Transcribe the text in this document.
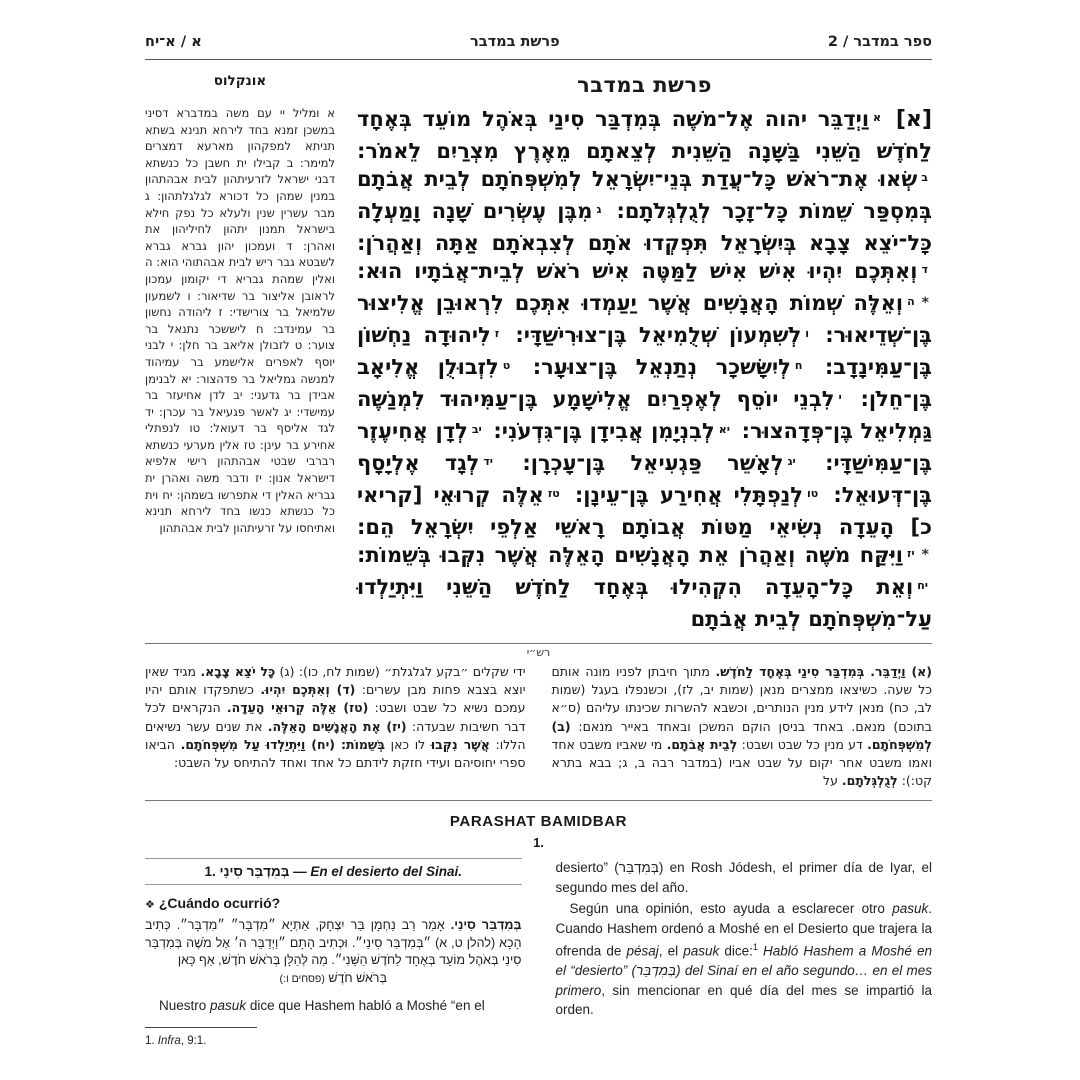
א / א־יח	פרשת במדבר	ספר במדבר / 2
אונקלוס	פרשת במדבר
א ומליל יי עם משה במדברא דסיני במשכן זמנא בחד לירחא תנינא בשתא תניתא למפקהון מארעא דמצרים למימר: ב קבילו ית חשבן כל כנשתא דבני ישראל לזרעיתהון לבית אבהתהון במנין שמהן כל דכורא לגלגלתהון: ג מבר עשרין שנין ולעלא כל נפק חילא בישראל תמנון יתהון לחיליהון את ואהרן: ד ועמכון יהון גברא גברא לשבטא גבר ריש לבית אבהתוהי הוא: ה ואלין שמהת גבריא די יקומון עמכון לראובן אליצור בר שדיאור: ו לשמעון שלמיאל בר צורישדי: ז ליהודה נחשון בר עמינדב: ח ליששכר נתנאל בר צוער: ט לזבולן אליאב בר חלן: י לבני יוסף לאפרים אלישמע בר עמיהוד למנשה גמליאל בר פדהצור: יא לבנימן אבידן בר גדעני: יב לדן אחיעזר בר עמישדי: יג לאשר פגעיאל בר עכרן: יד לגד אליסף בר דעואל: טו לנפתלי אחירע בר עינן: טז אלין מערעי כנשתא רברבי שבטי אבהתהון רישי אלפיא דישראל אנון: יז ודבר משה ואהרן ית גבריא האלין די אתפרשו בשמהן: יח וית כל כנשתא כנשו בחד לירחא תנינא ואתיחסו על זרעיתהון לבית אבהתהון
[א] $^א$וַיְדַבֵּר יהוה אֶל־מֹשֶׁה בְּמִדְבַּר סִינַי בְּאֹהֶל מוֹעֵד בְּאֶחָד לַחֹדֶשׁ הַשֵּׁנִי בַּשָּׁנָה הַשֵּׁנִית לְצֵאתָם מֵאֶרֶץ מִצְרַיִם לֵאמֹר: $^ב$שְׂאוּ אֶת־רֹאשׁ כָּל־עֲדַת בְּנֵי־יִשְׂרָאֵל לְמִשְׁפְּחֹתָם לְבֵית אֲבֹתָם בְּמִסְפַּר שֵׁמוֹת כָּל־זָכָר לְגֻלְגְּלֹתָם: $^ג$מִבֶּן עֶשְׂרִים שָׁנָה וָמַעְלָה כָּל־יֹצֵא צָבָא בְּיִשְׂרָאֵל תִּפְקְדוּ אֹתָם לְצִבְאֹתָם אַתָּה וְאַהֲרֹן: $^ד$וְאִתְּכֶם יִהְיוּ אִישׁ אִישׁ לַמַּטֶּה אִישׁ רֹאשׁ לְבֵית־אֲבֹתָיו הוּא: *$^ה$וְאֵלֶּה שְׁמוֹת הָאֲנָשִׁים אֲשֶׁר יַעַמְדוּ אִתְּכֶם לִרְאוּבֵן אֱלִיצוּר בֶּן־שְׁדֵיאוּר: $^ו$לְשִׁמְעוֹן שְׁלֻמִיאֵל בֶּן־צוּרִישַׁדָּי: $^ז$לִיהוּדָה נַחְשׁוֹן בֶּן־עַמִּינָדָב: $^ח$לְיִשָּׂשכָר נְתַנְאֵל בֶּן־צוּעָר: $^ט$לִזְבוּלֻן אֱלִיאָב בֶּן־חֵלֹן: $^י$לִבְנֵי יוֹסֵף לְאֶפְרַיִם אֱלִישָׁמָע בֶּן־עַמִּיהוּד לִמְנַשֶּׁה גַּמְלִיאֵל בֶּן־פְּדָהצוּר: $^{יא}$לְבִנְיָמִן אֲבִידָן בֶּן־גִּדְעֹנִי: $^{יב}$לְדָן אֲחִיעֶזֶר בֶּן־עַמִּישַׁדָּי: $^{יג}$לְאָשֵׁר פַּגְעִיאֵל בֶּן־עָכְרָן: $^{יד}$לְגָד אֶלְיָסָף בֶּן־דְּעוּאֵל: $^{טו}$לְנַפְתָּלִי אֲחִירַע בֶּן־עֵינָן: $^{טז}$אֵלֶּה קְרוּאֵי [קריאי כ] הָעֵדָה נְשִׂיאֵי מַטּוֹת אֲבוֹתָם רָאשֵׁי אַלְפֵי יִשְׂרָאֵל הֵם: *$^{יז}$וַיִּקַּח מֹשֶׁה וְאַהֲרֹן אֵת הָאֲנָשִׁים הָאֵלֶּה אֲשֶׁר נִקְּבוּ בְּשֵׁמוֹת: $^{יח}$וְאֵת כָּל־הָעֵדָה הִקְהִילוּ בְּאֶחָד לַחֹדֶשׁ הַשֵּׁנִי וַיִּתְיַלְדוּ עַל־מִשְׁפְּחֹתָם לְבֵית אֲבֹתָם
רש״י
(א) וַיְדַבֵּר. בְּמִדְבַּר סִינַי בְּאֶחָד לַחֹדֶשׁ. מתוך חיבתן לפניו מונה אותם כל שעה. כשיצאו ממצרים מנאן (שמות יב, לז), וכשנפלו בעגל (שמות לב, כח) מנאן לידע מנין הנותרים, וכשבא להשרות שכינתו עליהם (ס״א בתוכם) מנאם. באחד בניסן הוקם המשכן ובאחד באייר מנאם: (ב) לְמִשְׁפְּחֹתָם. דע מנין כל שבט ושבט: לְבֵית אֲבֹתָם. מי שאביו משבט אחד ואמו משבט אחר יקום על שבט אביו (במדבר רבה ב, ג; בבא בתרא קט:): לְגֻלְגְּלֹתָם. על
ידי שקלים ״בקע לגלגלת״ (שמות לח, כו): (ג) כָּל יֹצֵא צָבָא. מגיד שאין יוצא בצבא פחות מבן עשרים: (ד) וְאִתְּכֶם יִהְיוּ. כשתפקדו אותם יהיו עמכם נשיא כל שבט ושבט: (טז) אֵלֶּה קְרוּאֵי הָעֵדָה. הנקראים לכל דבר חשיבות שבעדה: (יז) אֶת הָאֲנָשִׁים הָאֵלֶּה. את שנים עשר נשיאים הללו: אֲשֶׁר נִקְּבוּ לו כאן בְּשֵׁמוֹת: (יח) וַיִּתְיַלְדוּ עַל מִשְׁפְּחֹתָם. הביאו ספרי יחוסיהם ועידי חזקת לידתם כל אחד ואחד להתיחס על השבט:
PARASHAT BAMIDBAR
1.
1. בְּמִדְבַּר סִינַי — En el desierto del Sinai.
❖ ¿Cuándo ocurrió?
בְּמִדְבַּר סִינַי. אָמַר רַב נַחְמָן בַּר יִצְחָק, אַתְיָא ״מִדְבָּר״ ״מִדְבָּר״. כְּתִיב הָכָא (להלן ט, א) ״בְּמִדְבַּר סִינַי״. וּכְתִיב הָתָם ״וַיְדַבֵּר ה׳ אֶל מֹשֶׁה בְּמִדְבַּר סִינַי בְּאֹהֶל מוֹעֵד בְּאֶחָד לַחֹדֶשׁ הַשֵּׁנִי״. מַה לְּהַלָּן בְּרֹאשׁ חֹדֶשׁ, אַף כָּאן
בְּרֹאשׁ חֹדֶשׁ (פסחים ו:)

Nuestro pasuk dice que Hashem habló a Moshé “en el

1. Infra, 9:1.

desierto” (בְּמִדְבַּר) en Rosh Jódesh, el primer día de Iyar, el segundo mes del año.

Según una opinión, esto ayuda a esclarecer otro pasuk. Cuando Hashem ordenó a Moshé en el Desierto que trajera la ofrenda de pésaj, el pasuk dice:$^1$ Habló Hashem a Moshé en el “desierto” (בְּמִדְבַּר) del Sinaí en el año segundo… en el mes primero, sin mencionar en qué día del mes se impartió la orden.
